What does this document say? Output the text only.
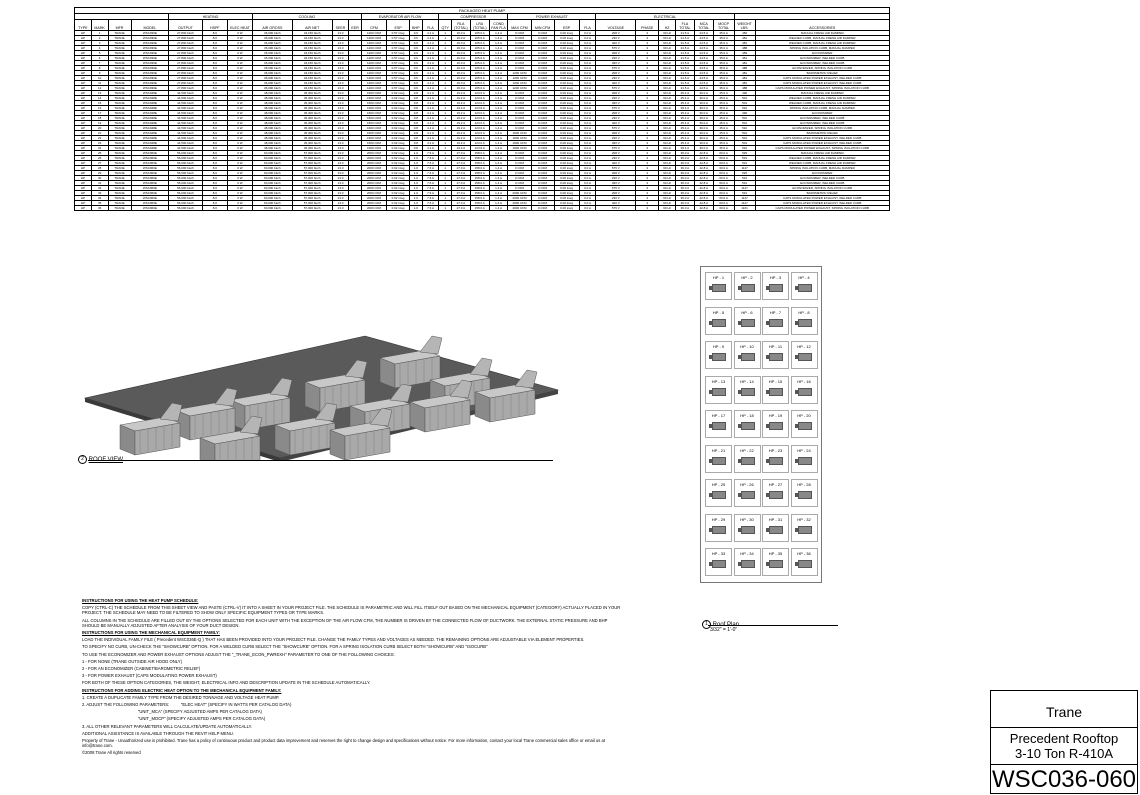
PACKAGED HEAT PUMP																														
				HEATING			COOLING				EVAPORATOR AIR FLOW				COMPRESSOR				POWER EXHAUST				ELECTRICAL							
TYPE	MARK	MFR	MODEL	OUTPUT	HSPF	ELEC HEAT	AIR GROSS	AIR NET	SEER	EER	CFM	ESP	BHP	FLA	QTY	RLA (TOTAL)	LRA (TOTAL)	COND FAN FLA	MAX CFM	MIN CFM	ESP	FLA	VOLTAGE	PHASE	HZ	FLA TOTAL	MCA TOTAL	MOCP TOTAL	WEIGHT LBS.	ACCESSORIES
HP	1	TRANE	WSC036E	27,800 btu/h	8.0	0 W	36,000 btu/h	34,150 btu/h	13.0		1200 CFM	0.57 inwg	0.6	4.1 A	1	16.0 A	105.0 A	1.4 A	0 CFM	0 CFM	0.00 inwg	0.0 A	208 V	3	60 Hz	21.5 A	24.5 A	35.0 A	450	MANUAL FRESH AIR DAMPER
HP	2	TRANE	WSC036E	27,800 btu/h	8.0	0 W	36,000 btu/h	34,150 btu/h	13.0		1200 CFM	0.57 inwg	0.6	4.1 A	1	16.0 A	105.0 A	1.4 A	0 CFM	0 CFM	0.00 inwg	0.0 A	230 V	3	60 Hz	21.5 A	24.5 A	35.0 A	481	WELDED CURB, MANUAL FRESH AIR DAMPER
HP	3	TRANE	WSC036E	27,800 btu/h	8.0	0 W	36,000 btu/h	34,150 btu/h	13.0		1200 CFM	0.57 inwg	0.6	4.1 A	1	16.0 A	105.0 A	1.4 A	0 CFM	0 CFM	0.00 inwg	0.0 A	460 V	3	60 Hz	21.5 A	24.5 A	35.0 A	481	WELDED CURB, MANUAL FRESH AIR DAMPER
HP	4	TRANE	WSC036E	27,800 btu/h	8.0	0 W	36,000 btu/h	34,150 btu/h	13.0		1200 CFM	0.57 inwg	0.6	4.1 A	1	16.0 A	105.0 A	1.4 A	0 CFM	0 CFM	0.00 inwg	0.0 A	575 V	3	60 Hz	21.5 A	24.5 A	35.0 A	488	SPRING ISOLATION CURB, MANUAL DAMPER
HP	5	TRANE	WSC036E	27,800 btu/h	8.0	0 W	36,000 btu/h	34,150 btu/h	13.0		1200 CFM	0.57 inwg	0.6	4.1 A	1	16.0 A	105.0 A	1.4 A	0 CFM	0 CFM	0.00 inwg	0.0 A	208 V	3	60 Hz	21.5 A	24.5 A	35.0 A	459	ECONOMIZER
HP	6	TRANE	WSC036E	27,800 btu/h	8.0	0 W	36,000 btu/h	34,150 btu/h	13.0		1200 CFM	0.57 inwg	0.6	4.1 A	1	16.0 A	105.0 A	1.4 A	0 CFM	0 CFM	0.00 inwg	0.0 A	230 V	3	60 Hz	21.5 A	24.5 A	35.0 A	451	ECONOMIZER, WELDED CURB
HP	7	TRANE	WSC036E	27,800 btu/h	8.0	0 W	36,000 btu/h	34,150 btu/h	13.0		1200 CFM	0.57 inwg	0.6	4.1 A	1	16.0 A	105.0 A	1.4 A	0 CFM	0 CFM	0.00 inwg	0.0 A	460 V	3	60 Hz	21.5 A	24.5 A	35.0 A	481	ECONOMIZER, WELDED CURB
HP	8	TRANE	WSC036E	27,800 btu/h	8.0	0 W	36,000 btu/h	34,150 btu/h	13.0		1200 CFM	0.57 inwg	0.6	4.1 A	1	16.0 A	105.0 A	1.4 A	0 CFM	0 CFM	0.00 inwg	0.0 A	575 V	3	60 Hz	21.5 A	24.5 A	35.0 A	488	ECONOMIZER, SPRING ISOLATION CURB
HP	9	TRANE	WSC036E	27,800 btu/h	8.0	0 W	36,000 btu/h	34,150 btu/h	13.0		1200 CFM	0.57 inwg	0.6	4.1 A	1	16.0 A	105.0 A	1.4 A	1200 CFM	0 CFM	0.00 inwg	0.0 A	208 V	3	60 Hz	21.5 A	24.5 A	35.0 A	481	BAROMETRIC RELIEF
HP	10	TRANE	WSC036E	27,800 btu/h	8.0	0 W	36,000 btu/h	34,150 btu/h	13.0		1200 CFM	0.57 inwg	0.6	4.1 A	1	16.0 A	105.0 A	1.4 A	1200 CFM	0 CFM	0.00 inwg	0.0 A	230 V	3	60 Hz	21.5 A	24.5 A	35.0 A	481	CAPS MODULATED POWER EXHAUST, WELDED CURB
HP	11	TRANE	WSC036E	27,800 btu/h	8.0	0 W	36,000 btu/h	34,150 btu/h	13.0		1200 CFM	0.57 inwg	0.6	4.1 A	1	16.0 A	105.0 A	1.4 A	1200 CFM	0 CFM	0.00 inwg	0.0 A	460 V	3	60 Hz	21.5 A	24.5 A	35.0 A	481	CAPS MODULATED POWER EXHAUST, WELDED CURB
HP	12	TRANE	WSC036E	27,800 btu/h	8.0	0 W	36,000 btu/h	34,150 btu/h	13.0		1200 CFM	0.57 inwg	0.6	4.1 A	1	16.0 A	105.0 A	1.4 A	1200 CFM	0 CFM	0.00 inwg	0.0 A	575 V	3	60 Hz	21.5 A	24.5 A	35.0 A	488	CAPS MODULATED POWER EXHAUST, SPRING ISOLATION CURB
HP	13	TRANE	WSC048E	44,500 btu/h	8.0	0 W	48,000 btu/h	45,300 btu/h	13.0		1600 CFM	0.62 inwg	0.8	4.1 A	1	19.2 A	123.0 A	1.4 A	0 CFM	0 CFM	0.00 inwg	0.0 A	208 V	3	60 Hz	25.4 A	30.0 A	45.0 A	496	MANUAL FRESH AIR DAMPER
HP	14	TRANE	WSC048E	44,500 btu/h	8.0	0 W	48,000 btu/h	45,300 btu/h	13.0		1600 CFM	0.62 inwg	0.8	4.1 A	1	19.2 A	123.0 A	1.4 A	0 CFM	0 CFM	0.00 inwg	0.0 A	230 V	3	60 Hz	25.4 A	30.0 A	45.0 A	501	WELDED CURB, MANUAL FRESH AIR DAMPER
HP	15	TRANE	WSC048E	44,500 btu/h	8.0	0 W	48,000 btu/h	45,300 btu/h	13.0		1600 CFM	0.62 inwg	0.8	4.1 A	1	19.2 A	123.0 A	1.4 A	0 CFM	0 CFM	0.00 inwg	0.0 A	460 V	3	60 Hz	25.4 A	30.0 A	45.0 A	501	WELDED CURB, MANUAL FRESH AIR DAMPER
HP	16	TRANE	WSC048E	44,500 btu/h	8.0	0 W	48,000 btu/h	45,300 btu/h	13.0		1600 CFM	0.62 inwg	0.8	4.1 A	1	19.2 A	123.0 A	1.4 A	0 CFM	0 CFM	0.00 inwg	0.0 A	575 V	3	60 Hz	25.4 A	30.0 A	45.0 A	510	SPRING ISOLATION CURB, MANUAL DAMPER
HP	17	TRANE	WSC048E	44,500 btu/h	8.0	0 W	48,000 btu/h	45,300 btu/h	13.0		1600 CFM	0.62 inwg	0.8	4.1 A	1	19.2 A	123.0 A	1.4 A	0 CFM	0 CFM	0.00 inwg	0.0 A	208 V	3	60 Hz	25.4 A	30.0 A	45.0 A	496	ECONOMIZER
HP	18	TRANE	WSC048E	44,500 btu/h	8.0	0 W	48,000 btu/h	45,300 btu/h	13.0		1600 CFM	0.62 inwg	0.8	4.1 A	1	19.2 A	123.0 A	1.4 A	0 CFM	0 CFM	0.00 inwg	0.0 A	230 V	3	60 Hz	25.4 A	30.0 A	45.0 A	501	ECONOMIZER, WELDED CURB
HP	19	TRANE	WSC048E	44,500 btu/h	8.0	0 W	48,000 btu/h	45,300 btu/h	13.0		1600 CFM	0.62 inwg	0.8	4.1 A	1	19.2 A	123.0 A	1.4 A	0 CFM	0 CFM	0.00 inwg	0.0 A	460 V	3	60 Hz	25.4 A	30.0 A	45.0 A	501	ECONOMIZER, WELDED CURB
HP	20	TRANE	WSC048E	44,500 btu/h	8.0	0 W	48,000 btu/h	45,300 btu/h	13.0		1600 CFM	0.62 inwg	0.8	4.1 A	1	19.2 A	123.0 A	1.4 A	0 CFM	0 CFM	0.00 inwg	0.0 A	575 V	3	60 Hz	25.4 A	30.0 A	45.0 A	510	ECONOMIZER, SPRING ISOLATION CURB
HP	21	TRANE	WSC048E	44,500 btu/h	8.0	0 W	48,000 btu/h	45,300 btu/h	13.0		1600 CFM	0.62 inwg	0.8	4.1 A	1	19.2 A	123.0 A	1.4 A	1600 CFM	0 CFM	0.00 inwg	0.0 A	208 V	3	60 Hz	25.4 A	30.0 A	45.0 A	501	BAROMETRIC RELIEF
HP	22	TRANE	WSC048E	44,500 btu/h	8.0	0 W	48,000 btu/h	45,300 btu/h	13.0		1600 CFM	0.62 inwg	0.8	4.1 A	1	19.2 A	123.0 A	1.4 A	1600 CFM	0 CFM	0.00 inwg	0.0 A	230 V	3	60 Hz	25.4 A	30.0 A	45.0 A	501	CAPS MODULATED POWER EXHAUST, WELDED CURB
HP	23	TRANE	WSC048E	44,500 btu/h	8.0	0 W	48,000 btu/h	45,300 btu/h	13.0		1600 CFM	0.62 inwg	0.8	4.1 A	1	19.2 A	123.0 A	1.4 A	1600 CFM	0 CFM	0.00 inwg	0.0 A	460 V	3	60 Hz	25.4 A	30.0 A	45.0 A	501	CAPS MODULATED POWER EXHAUST, WELDED CURB
HP	24	TRANE	WSC048E	44,500 btu/h	8.0	0 W	48,000 btu/h	45,300 btu/h	13.0		1600 CFM	0.62 inwg	0.8	4.1 A	1	19.2 A	123.0 A	1.4 A	1600 CFM	0 CFM	0.00 inwg	0.0 A	575 V	3	60 Hz	25.4 A	30.0 A	45.0 A	510	CAPS MODULATED POWER EXHAUST, SPRING ISOLATION CURB
HP	25	TRANE	WSC060E	56,000 btu/h	8.0	0 W	60,000 btu/h	57,000 btu/h	13.0		2000 CFM	0.62 inwg	1.0	7.6 A	1	27.0 A	158.0 A	1.4 A	0 CFM	0 CFM	0.00 inwg	0.0 A	208 V	3	60 Hz	36.0 A	42.8 A	60.0 A	525	MANUAL FRESH AIR DAMPER
HP	26	TRANE	WSC060E	56,000 btu/h	8.0	0 W	60,000 btu/h	57,000 btu/h	13.0		2000 CFM	0.62 inwg	1.0	7.6 A	1	27.0 A	158.0 A	1.4 A	0 CFM	0 CFM	0.00 inwg	0.0 A	230 V	3	60 Hz	36.0 A	42.8 A	60.0 A	531	WELDED CURB, MANUAL FRESH AIR DAMPER
HP	27	TRANE	WSC060E	56,000 btu/h	8.0	0 W	60,000 btu/h	57,000 btu/h	13.0		2000 CFM	0.62 inwg	1.0	7.6 A	1	27.0 A	158.0 A	1.4 A	0 CFM	0 CFM	0.00 inwg	0.0 A	460 V	3	60 Hz	36.0 A	42.8 A	60.0 A	531	WELDED CURB, MANUAL FRESH AIR DAMPER
HP	28	TRANE	WSC060E	56,000 btu/h	8.0	0 W	60,000 btu/h	57,000 btu/h	13.0		2000 CFM	0.62 inwg	1.0	7.6 A	1	27.0 A	158.0 A	1.4 A	0 CFM	0 CFM	0.00 inwg	0.0 A	575 V	3	60 Hz	36.0 A	42.8 A	60.0 A	1127	SPRING ISOLATION CURB, MANUAL DAMPER
HP	29	TRANE	WSC060E	56,000 btu/h	8.0	0 W	60,000 btu/h	57,000 btu/h	13.0		2000 CFM	0.62 inwg	1.0	7.6 A	1	27.0 A	158.0 A	1.4 A	0 CFM	0 CFM	0.00 inwg	0.0 A	208 V	3	60 Hz	36.0 A	42.8 A	60.0 A	525	ECONOMIZER
HP	30	TRANE	WSC060E	56,000 btu/h	8.0	0 W	60,000 btu/h	57,000 btu/h	13.0		2000 CFM	0.62 inwg	1.0	7.6 A	1	27.0 A	158.0 A	1.4 A	0 CFM	0 CFM	0.00 inwg	0.0 A	230 V	3	60 Hz	36.0 A	42.8 A	60.0 A	531	ECONOMIZER, WELDED CURB
HP	31	TRANE	WSC060E	56,000 btu/h	8.0	0 W	60,000 btu/h	57,000 btu/h	13.0		2000 CFM	0.62 inwg	1.0	7.6 A	1	27.0 A	158.0 A	1.4 A	0 CFM	0 CFM	0.00 inwg	0.0 A	460 V	3	60 Hz	36.0 A	42.8 A	60.0 A	531	ECONOMIZER, WELDED CURB
HP	32	TRANE	WSC060E	56,000 btu/h	8.0	0 W	60,000 btu/h	57,000 btu/h	13.0		2000 CFM	0.62 inwg	1.0	7.6 A	1	27.0 A	158.0 A	1.4 A	0 CFM	0 CFM	0.00 inwg	0.0 A	575 V	3	60 Hz	36.0 A	42.8 A	60.0 A	1127	ECONOMIZER, SPRING ISOLATION CURB
HP	33	TRANE	WSC060E	56,000 btu/h	8.0	0 W	60,000 btu/h	57,000 btu/h	13.0		2000 CFM	0.62 inwg	1.0	7.6 A	1	27.0 A	158.0 A	1.4 A	2000 CFM	0 CFM	0.00 inwg	0.0 A	208 V	3	60 Hz	36.0 A	42.8 A	60.0 A	531	BAROMETRIC RELIEF
HP	34	TRANE	WSC060E	56,000 btu/h	8.0	0 W	60,000 btu/h	57,000 btu/h	13.0		2000 CFM	0.62 inwg	1.0	7.6 A	1	27.0 A	158.0 A	1.4 A	2000 CFM	0 CFM	0.00 inwg	0.0 A	230 V	3	60 Hz	36.0 A	42.8 A	60.0 A	1127	CAPS MODULATED POWER EXHAUST, WELDED CURB
HP	35	TRANE	WSC060E	56,000 btu/h	8.0	0 W	60,000 btu/h	57,000 btu/h	13.0		2000 CFM	0.62 inwg	1.0	7.6 A	1	27.0 A	158.0 A	1.4 A	2000 CFM	0 CFM	0.00 inwg	0.0 A	460 V	3	60 Hz	36.0 A	42.8 A	60.0 A	1127	CAPS MODULATED POWER EXHAUST, WELDED CURB
HP	36	TRANE	WSC060E	56,000 btu/h	8.0	0 W	60,000 btu/h	57,000 btu/h	13.0		2000 CFM	0.62 inwg	1.0	7.6 A	1	27.0 A	158.0 A	1.4 A	2000 CFM	0 CFM	0.00 inwg	0.0 A	575 V	3	60 Hz	36.0 A	42.8 A	60.0 A	1161	CAPS MODULATED POWER EXHAUST, SPRING ISOLATION CURB
2 ROOF VIEW
HP - 1	HP - 2	HP - 3	HP - 4
HP - 5	HP - 6	HP - 7	HP - 8
HP - 9	HP - 10	HP - 11	HP - 12
HP - 13	HP - 14	HP - 15	HP - 16
HP - 17	HP - 18	HP - 19	HP - 20
HP - 21	HP - 22	HP - 23	HP - 24
HP - 25	HP - 26	HP - 27	HP - 28
HP - 29	HP - 30	HP - 31	HP - 32
HP - 33	HP - 34	HP - 35	HP - 36
1 Roof Plan
3/32" = 1'-0"

INSTRUCTIONS FOR USING THE HEAT PUMP SCHEDULE:

COPY (CTRL-C) THE SCHEDULE FROM THIS SHEET VIEW AND PASTE (CTRL-V) IT INTO A SHEET IN YOUR PROJECT FILE. THE SCHEDULE IS PARAMETRIC AND WILL FILL ITSELF OUT BASED ON THE MECHANICAL EQUIPMENT (CATEGORY) ACTUALLY PLACED IN YOUR PROJECT. THE SCHEDULE MAY NEED TO BE FILTERED TO SHOW ONLY SPECIFIC EQUIPMENT TYPES OR TYPE MARKS.

ALL COLUMNS IN THE SCHEDULE ARE FILLED OUT BY THE OPTIONS SELECTED FOR EACH UNIT WITH THE EXCEPTION OF THE AIR FLOW CFM, THE NUMBER IS DRIVEN BY THE CONNECTED FLOW OF DUCTWORK. THE EXTERNAL STATIC PRESSURE AND BHP SHOULD BE MANUALLY ADJUSTED AFTER ANALYSIS OF YOUR DUCT DESIGN.

INSTRUCTIONS FOR USING THE MECHANICAL EQUIPMENT FAMILY:

LOAD THE INDIVIDUAL FAMILY FILE ( Precedent WSC036E-Q ) THAT HAS BEEN PROVIDED INTO YOUR PROJECT FILE. CHANGE THE FAMILY TYPES AND VOLTAGES AS NEEDED. THE REMAINING OPTIONS ARE ADJUSTABLE VIA ELEMENT PROPERTIES.

TO SPECIFY NO CURB, UN-CHECK THE "SHOWCURB" OPTION. FOR A WELDED CURB SELECT THE "SHOWCURB" OPTION. FOR A SPRING ISOLATION CURB SELECT BOTH "SHOWCURB" AND "ISOCURB"

TO USE THE ECONOMIZER AND POWER EXHAUST OPTIONS ADJUST THE "_TRANE_ECON_PWREXH" PARAMETER TO ONE OF THE FOLLOWING CHOICES:

1 - FOR NONE (TRANE OUTSIDE AIR HOOD ONLY)

2 - FOR AN ECONOMIZER (CABINET/BAROMETRIC RELIEF)

3 - FOR POWER EXHAUST (CAPS MODULATING POWER EXHAUST)

FOR BOTH OF THESE OPTION CATEGORIES, THE WEIGHT, ELECTRICAL INFO AND DESCRIPTION UPDATE IN THE SCHEDULE AUTOMATICALLY.

INSTRUCTIONS FOR ADDING ELECTRIC HEAT OPTION TO THE MECHANICAL EQUIPMENT FAMILY:

1. CREATE A DUPLICATE FAMILY TYPE FROM THE DESIRED TONNAGE AND VOLTAGE HEAT PUMP.

2. ADJUST THE FOLLOWING PARAMETERS:          "ELEC HEAT" (SPECIFY IN WATTS PER CATALOG DATA)

"UNIT_MCA" (SPECIFY ADJUSTED AMPS PER CATALOG DATA)

"UNIT_MOCP" (SPECIFY ADJUSTED AMPS PER CATALOG DATA)

3. ALL OTHER RELEVANT PARAMETERS WILL CALCULATE/UPDATE AUTOMATICALLY.

ADDITIONAL ASSISTANCE IS AVAILABLE THROUGH THE REVIT HELP MENU.

Property of Trane - Unauthorized use is prohibited. Trane has a policy of continuous product and product data improvement and reserves the right to change design and specifications without notice. For more information, contact your local Trane commercial sales office or email us at info@trane.com.

©2008 Trane All rights reserved

Trane
Precedent Rooftop
3-10 Ton R-410A
WSC036-060
